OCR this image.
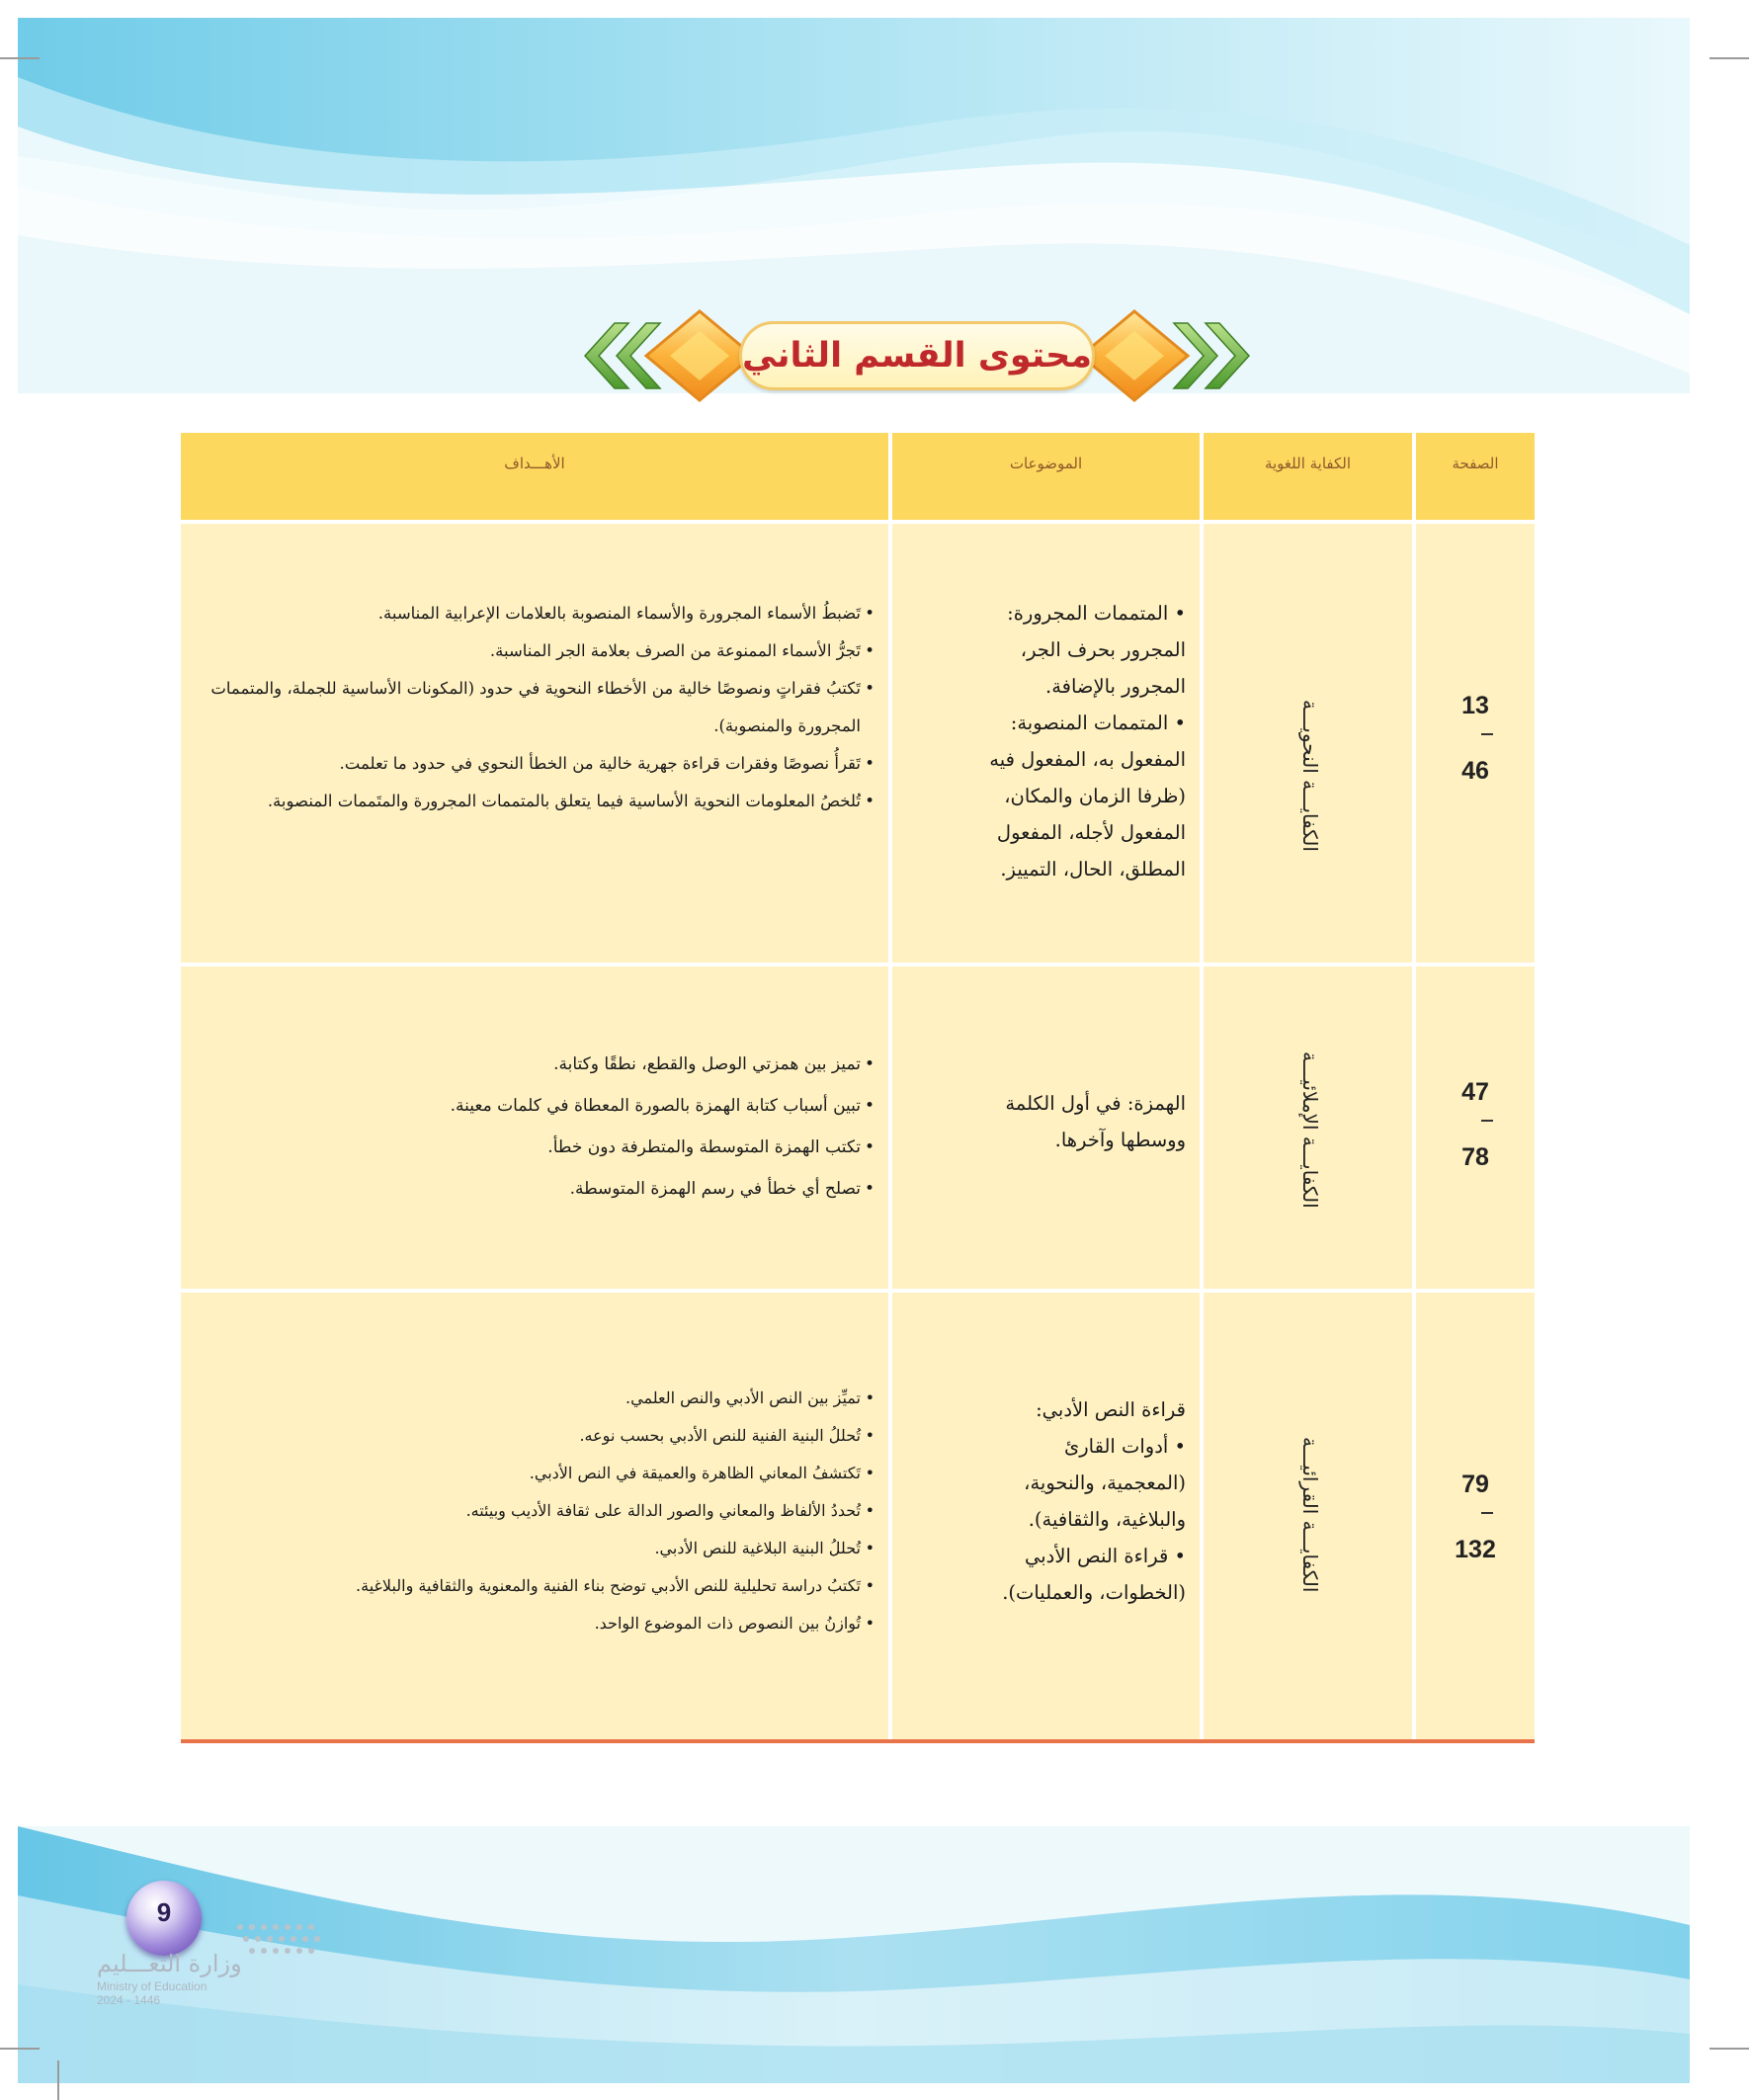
محتوى القسم الثاني
الصفحة
الكفاية اللغوية
الموضوعات
الأهـــداف
13
46
الكفايـــة النحويـــة
• المتممات المجرورة:
المجرور بحرف الجر،
المجرور بالإضافة.
• المتممات المنصوبة:
المفعول به، المفعول فيه
(ظرفا الزمان والمكان،
المفعول لأجله، المفعول
المطلق، الحال، التمييز.
• تَضبطُ الأسماء المجرورة والأسماء المنصوبة بالعلامات الإعرابية المناسبة.
• تَجرُّ الأسماء الممنوعة من الصرف بعلامة الجر المناسبة.
• تَكتبُ فقراتٍ ونصوصًا خالية من الأخطاء النحوية في حدود (المكونات الأساسية للجملة، والمتممات المجرورة والمنصوبة).
• تَقرأُ نصوصًا وفقرات قراءة جهرية خالية من الخطأ النحوي في حدود ما تعلمت.
• تُلخصُ المعلومات النحوية الأساسية فيما يتعلق بالمتممات المجرورة والمتَممات المنصوبة.
47
78
الكفايـــة الإملائيـــة
الهمزة: في أول الكلمة
ووسطها وآخرها.
• تميز بين همزتي الوصل والقطع، نطقًا وكتابة.
• تبين أسباب كتابة الهمزة بالصورة المعطاة في كلمات معينة.
• تكتب الهمزة المتوسطة والمتطرفة دون خطأ.
• تصلح أي خطأ في رسم الهمزة المتوسطة.
79
132
الكفايـــة القرائيـــة
قراءة النص الأدبي:
• أدوات القارئ
(المعجمية، والنحوية،
والبلاغية، والثقافية).
• قراءة النص الأدبي
(الخطوات، والعمليات).
• تميِّز بين النص الأدبي والنص العلمي.
• تُحللُ البنية الفنية للنص الأدبي بحسب نوعه.
• تَكتشفُ المعاني الظاهرة والعميقة في النص الأدبي.
• تُحددُ الألفاظ والمعاني والصور الدالة على ثقافة الأديب وبيئته.
• تُحللُ البنية البلاغية للنص الأدبي.
• تَكتبُ دراسة تحليلية للنص الأدبي توضح بناء الفنية والمعنوية والثقافية والبلاغية.
• تُوازنُ بين النصوص ذات الموضوع الواحد.
9
وزارة التعـــليم
Ministry of Education
2024 - 1446
